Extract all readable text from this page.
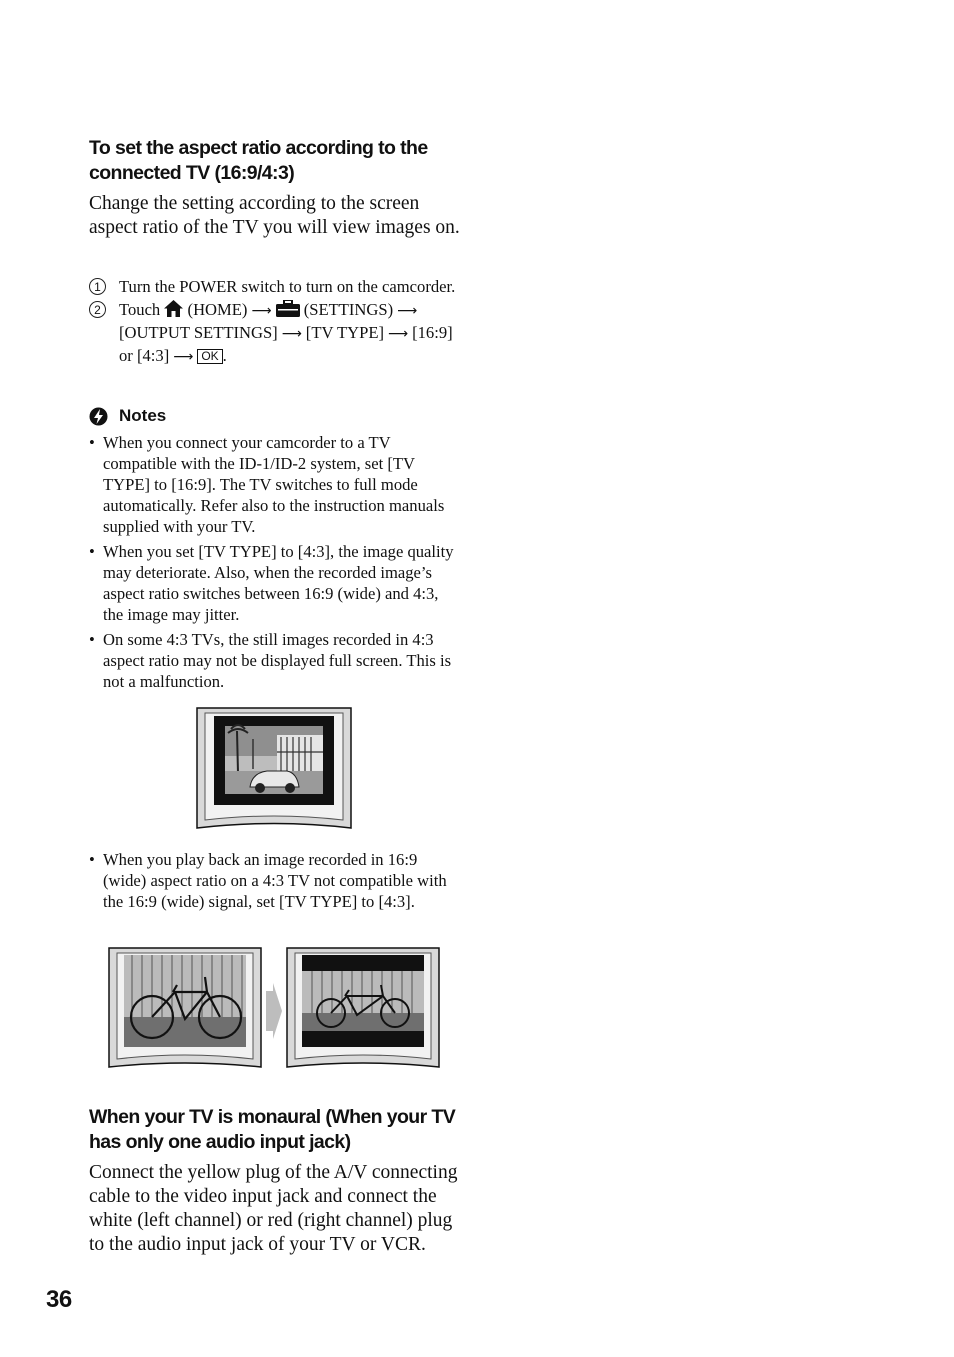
To set the aspect ratio according to the connected TV (16:9/4:3)

Change the setting according to the screen aspect ratio of the TV you will view images on.

1	Turn the POWER switch to turn on the camcorder.
2	Touch (HOME) ⟶ (SETTINGS) ⟶[OUTPUT SETTINGS] ⟶ [TV TYPE] ⟶ [16:9] or [4:3] ⟶ OK .
Notes
• When you connect your camcorder to a TV compatible with the ID-1/ID-2 system, set [TV TYPE] to [16:9]. The TV switches to full mode automatically. Refer also to the instruction manuals supplied with your TV.
• When you set [TV TYPE] to [4:3], the image quality may deteriorate. Also, when the recorded image’s aspect ratio switches between 16:9 (wide) and 4:3, the image may jitter.
• On some 4:3 TVs, the still images recorded in 4:3 aspect ratio may not be displayed full screen. This is not a malfunction.
• When you play back an image recorded in 16:9 (wide) aspect ratio on a 4:3 TV not compatible with the 16:9 (wide) signal, set [TV TYPE] to [4:3].
When your TV is monaural (When your TV has only one audio input jack)

Connect the yellow plug of the A/V connecting cable to the video input jack and connect the white (left channel) or red (right channel) plug to the audio input jack of your TV or VCR.

36
